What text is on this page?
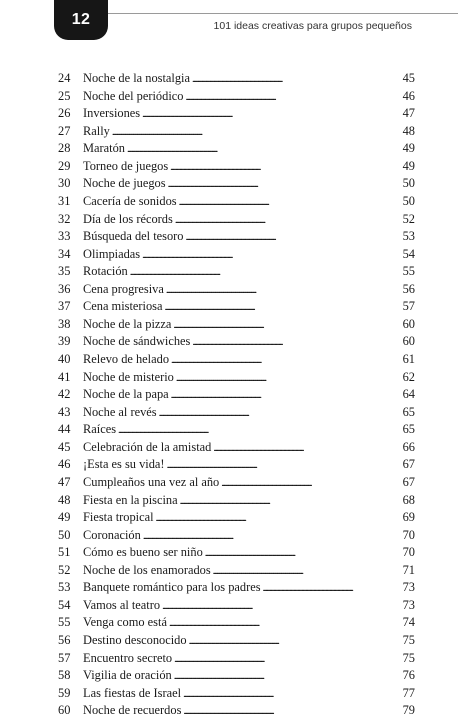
12	101 ideas creativas para grupos pequeños
24	Noche de la nostalgia . . .	45
25	Noche del periódico . . .	46
26	Inversiones . . .	47
27	Rally . . .	48
28	Maratón . . .	49
29	Torneo de juegos . . .	49
30	Noche de juegos . . .	50
31	Cacería de sonidos . . .	50
32	Día de los récords . . .	52
33	Búsqueda del tesoro . . .	53
34	Olimpiadas . . .	54
35	Rotación . . .	55
36	Cena progresiva . . .	56
37	Cena misteriosa . . .	57
38	Noche de la pizza . . .	60
39	Noche de sándwiches . . .	60
40	Relevo de helado . . .	61
41	Noche de misterio . . .	62
42	Noche de la papa . . .	64
43	Noche al revés . . .	65
44	Raíces . . .	65
45	Celebración de la amistad . . .	66
46	¡Esta es su vida! . . .	67
47	Cumpleaños una vez al año . . .	67
48	Fiesta en la piscina . . .	68
49	Fiesta tropical . . .	69
50	Coronación . . .	70
51	Cómo es bueno ser niño . . .	70
52	Noche de los enamorados . . .	71
53	Banquete romántico para los padres . . .	73
54	Vamos al teatro . . .	73
55	Venga como está . . .	74
56	Destino desconocido . . .	75
57	Encuentro secreto . . .	75
58	Vigilia de oración . . .	76
59	Las fiestas de Israel . . .	77
60	Noche de recuerdos . . .	79
